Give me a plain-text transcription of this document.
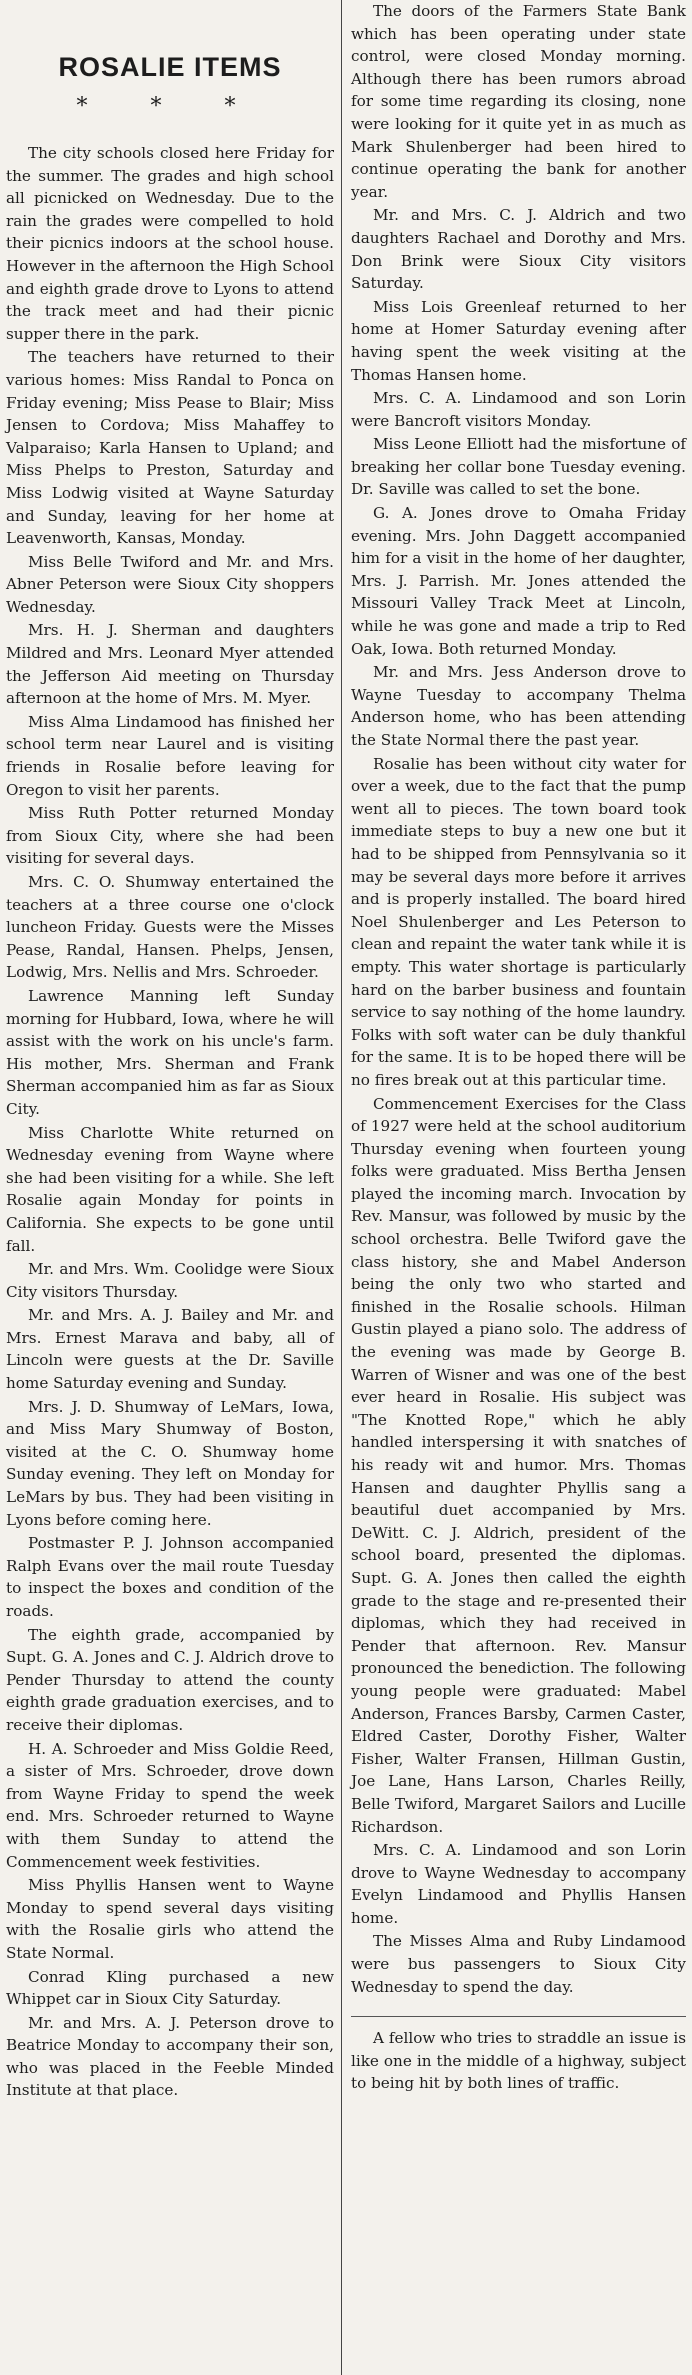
ROSALIE ITEMS
* * *

The city schools closed here Friday for the summer. The grades and high school all picnicked on Wednesday. Due to the rain the grades were compelled to hold their picnics indoors at the school house. However in the afternoon the High School and eighth grade drove to Lyons to attend the track meet and had their picnic supper there in the park.

The teachers have returned to their various homes: Miss Randal to Ponca on Friday evening; Miss Pease to Blair; Miss Jensen to Cordova; Miss Mahaffey to Valparaiso; Karla Hansen to Upland; and Miss Phelps to Preston, Saturday and Miss Lodwig visited at Wayne Saturday and Sunday, leaving for her home at Leavenworth, Kansas, Monday.

Miss Belle Twiford and Mr. and Mrs. Abner Peterson were Sioux City shoppers Wednesday.

Mrs. H. J. Sherman and daughters Mildred and Mrs. Leonard Myer attended the Jefferson Aid meeting on Thursday afternoon at the home of Mrs. M. Myer.

Miss Alma Lindamood has finished her school term near Laurel and is visiting friends in Rosalie before leaving for Oregon to visit her parents.

Miss Ruth Potter returned Monday from Sioux City, where she had been visiting for several days.

Mrs. C. O. Shumway entertained the teachers at a three course one o'clock luncheon Friday. Guests were the Misses Pease, Randal, Hansen. Phelps, Jensen, Lodwig, Mrs. Nellis and Mrs. Schroeder.

Lawrence Manning left Sunday morning for Hubbard, Iowa, where he will assist with the work on his uncle's farm. His mother, Mrs. Sherman and Frank Sherman accompanied him as far as Sioux City.

Miss Charlotte White returned on Wednesday evening from Wayne where she had been visiting for a while. She left Rosalie again Monday for points in California. She expects to be gone until fall.

Mr. and Mrs. Wm. Coolidge were Sioux City visitors Thursday.

Mr. and Mrs. A. J. Bailey and Mr. and Mrs. Ernest Marava and baby, all of Lincoln were guests at the Dr. Saville home Saturday evening and Sunday.

Mrs. J. D. Shumway of LeMars, Iowa, and Miss Mary Shumway of Boston, visited at the C. O. Shumway home Sunday evening. They left on Monday for LeMars by bus. They had been visiting in Lyons before coming here.

Postmaster P. J. Johnson accompanied Ralph Evans over the mail route Tuesday to inspect the boxes and condition of the roads.

The eighth grade, accompanied by Supt. G. A. Jones and C. J. Aldrich drove to Pender Thursday to attend the county eighth grade graduation exercises, and to receive their diplomas.

H. A. Schroeder and Miss Goldie Reed, a sister of Mrs. Schroeder, drove down from Wayne Friday to spend the week end. Mrs. Schroeder returned to Wayne with them Sunday to attend the Commencement week festivities.

Miss Phyllis Hansen went to Wayne Monday to spend several days visiting with the Rosalie girls who attend the State Normal.

Conrad Kling purchased a new Whippet car in Sioux City Saturday.

Mr. and Mrs. A. J. Peterson drove to Beatrice Monday to accompany their son, who was placed in the Feeble Minded Institute at that place.

The doors of the Farmers State Bank which has been operating under state control, were closed Monday morning. Although there has been rumors abroad for some time regarding its closing, none were looking for it quite yet in as much as Mark Shulenberger had been hired to continue operating the bank for another year.

Mr. and Mrs. C. J. Aldrich and two daughters Rachael and Dorothy and Mrs. Don Brink were Sioux City visitors Saturday.

Miss Lois Greenleaf returned to her home at Homer Saturday evening after having spent the week visiting at the Thomas Hansen home.

Mrs. C. A. Lindamood and son Lorin were Bancroft visitors Monday.

Miss Leone Elliott had the misfortune of breaking her collar bone Tuesday evening. Dr. Saville was called to set the bone.

G. A. Jones drove to Omaha Friday evening. Mrs. John Daggett accompanied him for a visit in the home of her daughter, Mrs. J. Parrish. Mr. Jones attended the Missouri Valley Track Meet at Lincoln, while he was gone and made a trip to Red Oak, Iowa. Both returned Monday.

Mr. and Mrs. Jess Anderson drove to Wayne Tuesday to accompany Thelma Anderson home, who has been attending the State Normal there the past year.

Rosalie has been without city water for over a week, due to the fact that the pump went all to pieces. The town board took immediate steps to buy a new one but it had to be shipped from Pennsylvania so it may be several days more before it arrives and is properly installed. The board hired Noel Shulenberger and Les Peterson to clean and repaint the water tank while it is empty. This water shortage is particularly hard on the barber business and fountain service to say nothing of the home laundry. Folks with soft water can be duly thankful for the same. It is to be hoped there will be no fires break out at this particular time.

Commencement Exercises for the Class of 1927 were held at the school auditorium Thursday evening when fourteen young folks were graduated. Miss Bertha Jensen played the incoming march. Invocation by Rev. Mansur, was followed by music by the school orchestra. Belle Twiford gave the class history, she and Mabel Anderson being the only two who started and finished in the Rosalie schools. Hilman Gustin played a piano solo. The address of the evening was made by George B. Warren of Wisner and was one of the best ever heard in Rosalie. His subject was "The Knotted Rope," which he ably handled interspersing it with snatches of his ready wit and humor. Mrs. Thomas Hansen and daughter Phyllis sang a beautiful duet accompanied by Mrs. DeWitt. C. J. Aldrich, president of the school board, presented the diplomas. Supt. G. A. Jones then called the eighth grade to the stage and re-presented their diplomas, which they had received in Pender that afternoon. Rev. Mansur pronounced the benediction. The following young people were graduated: Mabel Anderson, Frances Barsby, Carmen Caster, Eldred Caster, Dorothy Fisher, Walter Fisher, Walter Fransen, Hillman Gustin, Joe Lane, Hans Larson, Charles Reilly, Belle Twiford, Margaret Sailors and Lucille Richardson.

Mrs. C. A. Lindamood and son Lorin drove to Wayne Wednesday to accompany Evelyn Lindamood and Phyllis Hansen home.

The Misses Alma and Ruby Lindamood were bus passengers to Sioux City Wednesday to spend the day.

A fellow who tries to straddle an issue is like one in the middle of a highway, subject to being hit by both lines of traffic.
